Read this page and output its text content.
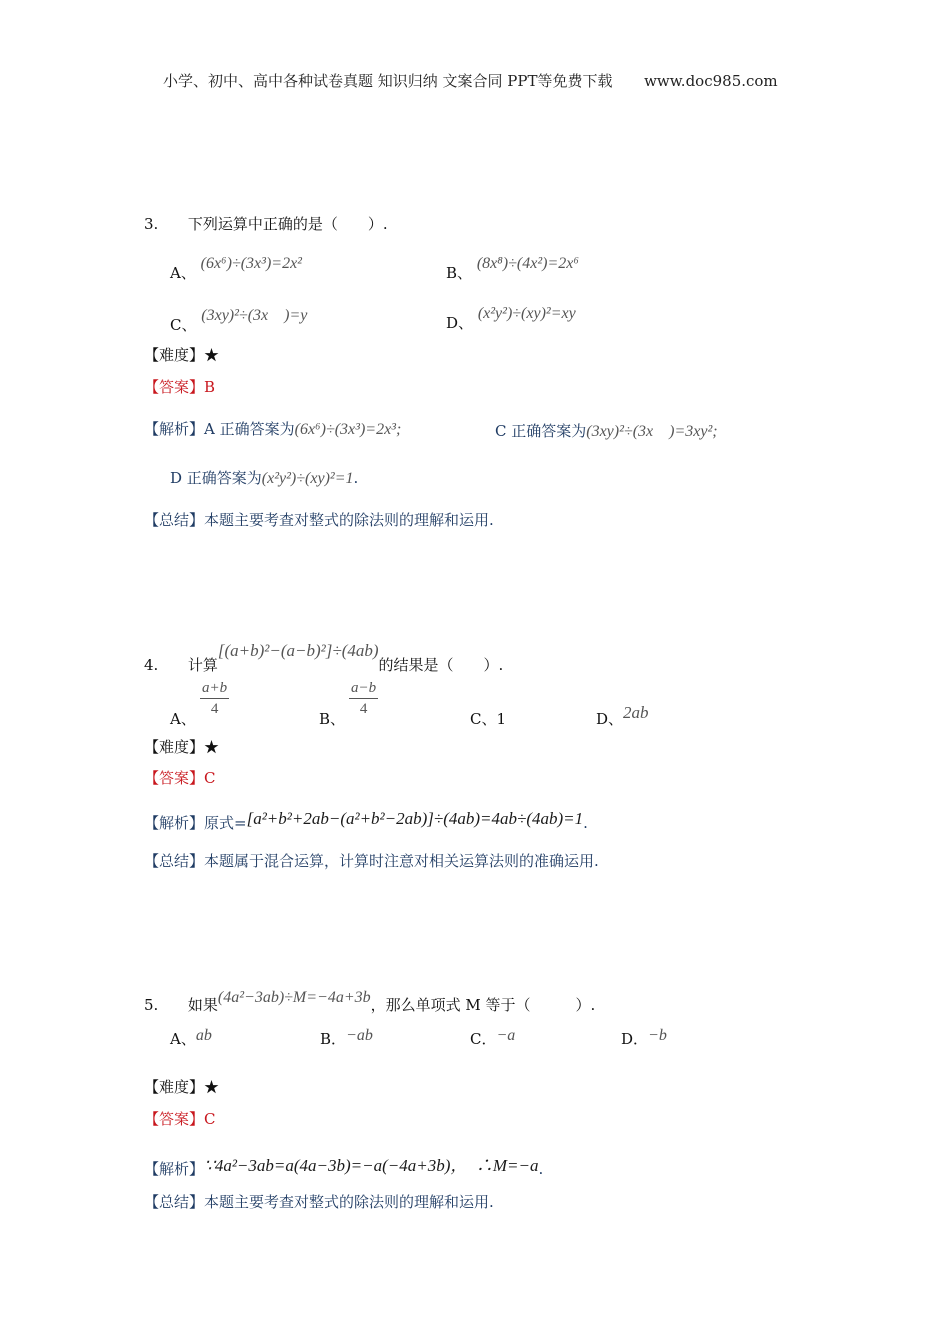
小学、初中、高中各种试卷真题 知识归纳 文案合同 PPT等免费下载 www.doc985.com
3. 下列运算中正确的是（　　）.
A、 (6x⁶)÷(3x³)=2x²
B、 (8x⁸)÷(4x²)=2x⁶
C、 (3xy)²÷(3x　)=y	D、 (x²y²)÷(xy)²=xy
【难度】★
【答案】B
【解析】A 正确答案为(6x⁶)÷(3x³)=2x³;	C 正确答案为(3xy)²÷(3x　)=3xy²;
D 正确答案为(x²y²)÷(xy)²=1.
【总结】本题主要考查对整式的除法则的理解和运用.
4. 计算[(a+b)²−(a−b)²]÷(4ab)的结果是（　　）.
A、
$\frac{a+b}{4}$
B、
$\frac{a-b}{4}$
C、1	D、2ab
【难度】★
【答案】C
【解析】原式=[a²+b²+2ab−(a²+b²−2ab)]÷(4ab)=4ab÷(4ab)=1.
【总结】本题属于混合运算，计算时注意对相关运算法则的准确运用.
5. 如果(4a²−3ab)÷M=−4a+3b，那么单项式 M 等于（　　　）.
A、ab	B．−ab	C．−a	D．−b
【难度】★
【答案】C
【解析】∵4a²−3ab=a(4a−3b)=−a(−4a+3b)，　∴M=−a.
【总结】本题主要考查对整式的除法则的理解和运用.
